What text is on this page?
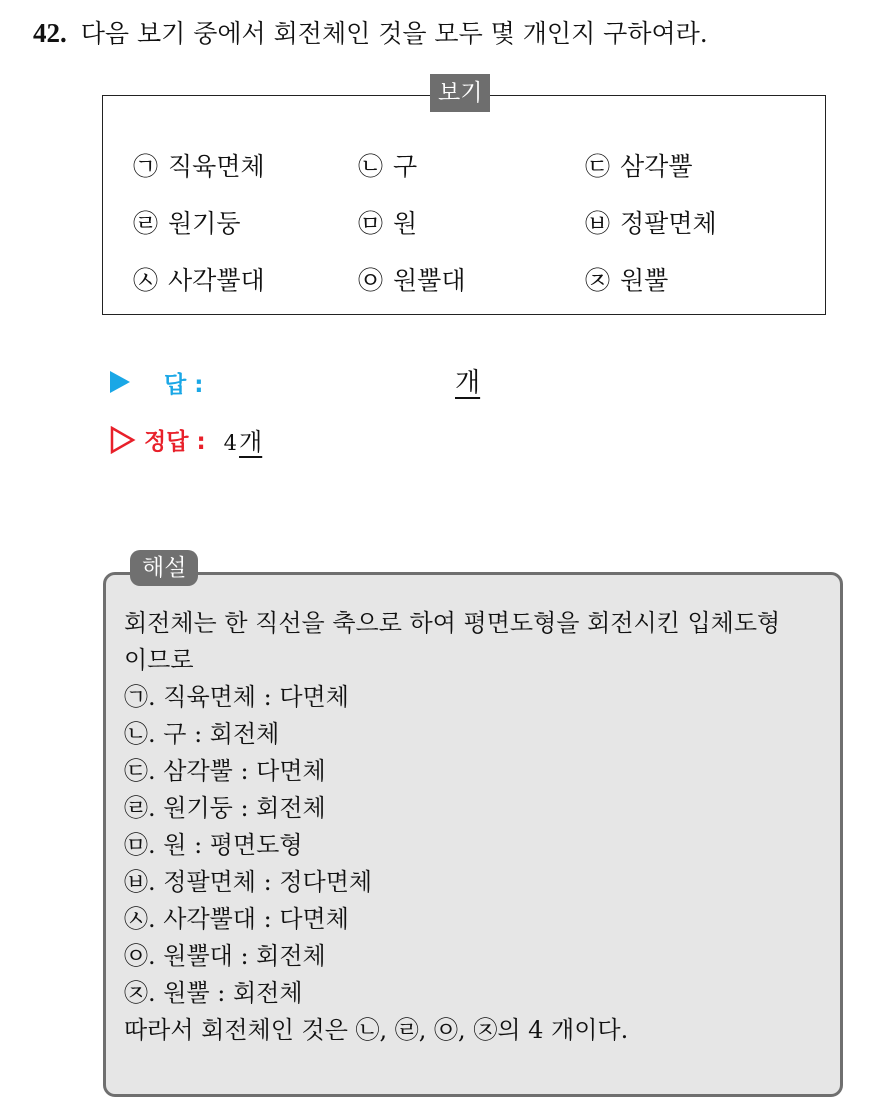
42. 다음 보기 중에서 회전체인 것을 모두 몇 개인지 구하여라.
보기
㉠ 직육면체	㉡ 구	㉢ 삼각뿔
㉣ 원기둥	㉤ 원	㉥ 정팔면체
㉦ 사각뿔대	㉧ 원뿔대	㉨ 원뿔
답 :	개
정답 : 4개
해설
회전체는 한 직선을 축으로 하여 평면도형을 회전시킨 입체도형
이므로
㉠. 직육면체 : 다면체
㉡. 구 : 회전체
㉢. 삼각뿔 : 다면체
㉣. 원기둥 : 회전체
㉤. 원 : 평면도형
㉥. 정팔면체 : 정다면체
㉦. 사각뿔대 : 다면체
㉧. 원뿔대 : 회전체
㉨. 원뿔 : 회전체
따라서 회전체인 것은 ㉡, ㉣, ㉧, ㉨의 4 개이다.
